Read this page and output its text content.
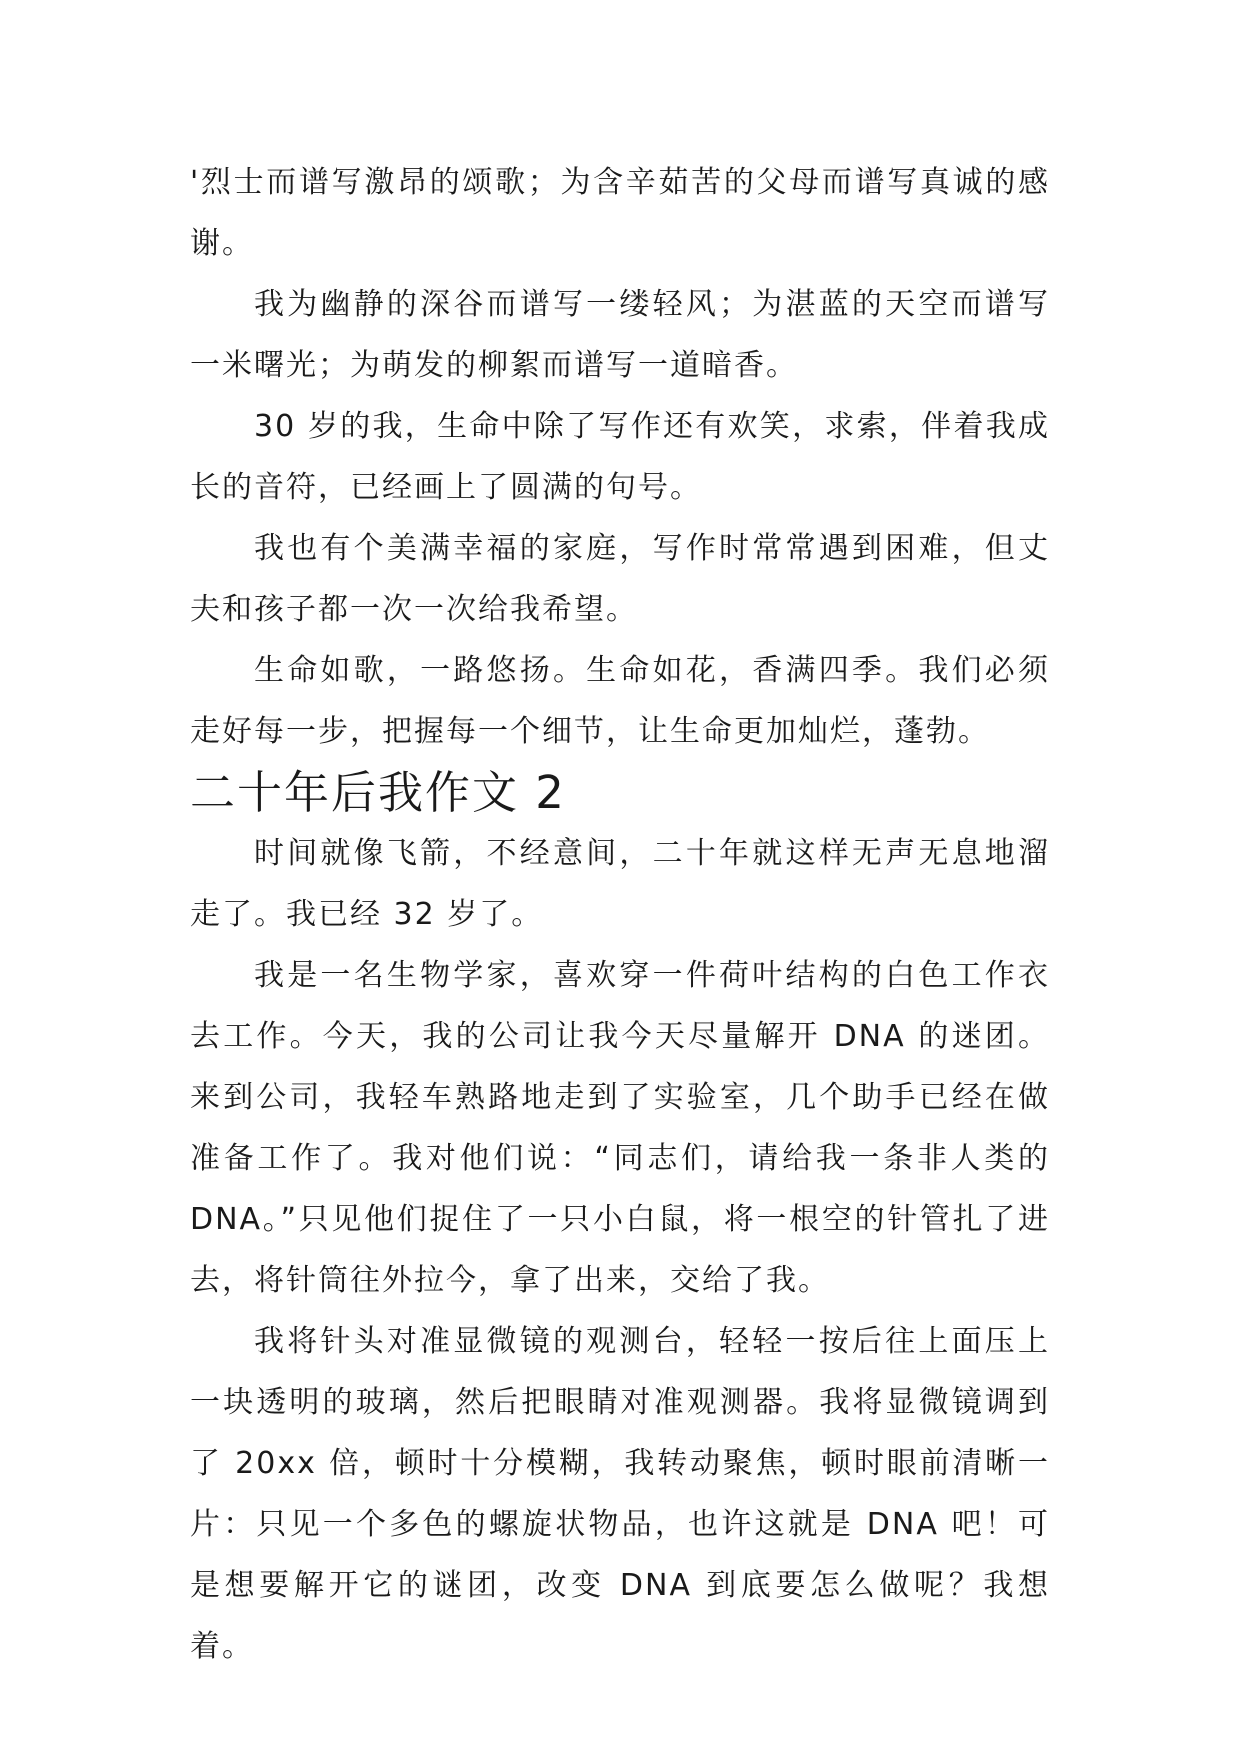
'烈士而谱写激昂的颂歌；为含辛茹苦的父母而谱写真诚的感谢。

我为幽静的深谷而谱写一缕轻风；为湛蓝的天空而谱写一米曙光；为萌发的柳絮而谱写一道暗香。

30 岁的我，生命中除了写作还有欢笑，求索，伴着我成长的音符，已经画上了圆满的句号。

我也有个美满幸福的家庭，写作时常常遇到困难，但丈夫和孩子都一次一次给我希望。

生命如歌，一路悠扬。生命如花，香满四季。我们必须走好每一步，把握每一个细节，让生命更加灿烂，蓬勃。

二十年后我作文 2

时间就像飞箭，不经意间，二十年就这样无声无息地溜走了。我已经 32 岁了。

我是一名生物学家，喜欢穿一件荷叶结构的白色工作衣去工作。今天，我的公司让我今天尽量解开 DNA 的迷团。来到公司，我轻车熟路地走到了实验室，几个助手已经在做准备工作了。我对他们说：“同志们，请给我一条非人类的 DNA。”只见他们捉住了一只小白鼠，将一根空的针管扎了进去，将针筒往外拉今，拿了出来，交给了我。

我将针头对准显微镜的观测台，轻轻一按后往上面压上一块透明的玻璃，然后把眼睛对准观测器。我将显微镜调到了 20xx 倍，顿时十分模糊，我转动聚焦，顿时眼前清晰一片：只见一个多色的螺旋状物品，也许这就是 DNA 吧！可是想要解开它的谜团，改变 DNA 到底要怎么做呢？我想着。
